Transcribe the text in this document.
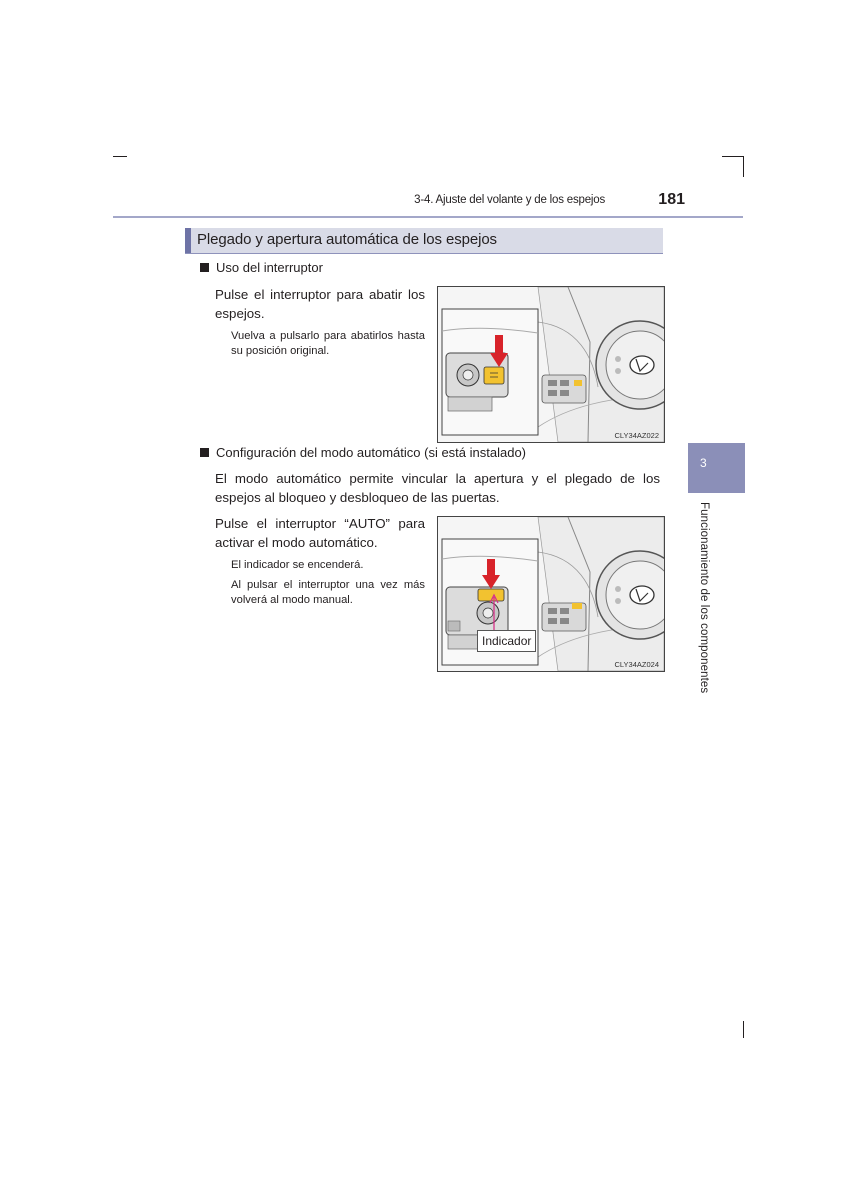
3-4. Ajuste del volante y de los espejos	181
Plegado y apertura automática de los espejos
Uso del interruptor
Pulse el interruptor para abatir los espejos.
Vuelva a pulsarlo para abatirlos hasta su posición original.
CLY34AZ022
Configuración del modo automático (si está instalado)
El modo automático permite vincular la apertura y el plegado de los espejos al bloqueo y desbloqueo de las puertas.
Pulse el interruptor “AUTO” para activar el modo automático.
El indicador se encenderá.
Al pulsar el interruptor una vez más volverá al modo manual.
Indicador
CLY34AZ024
3
Funcionamiento de los componentes
